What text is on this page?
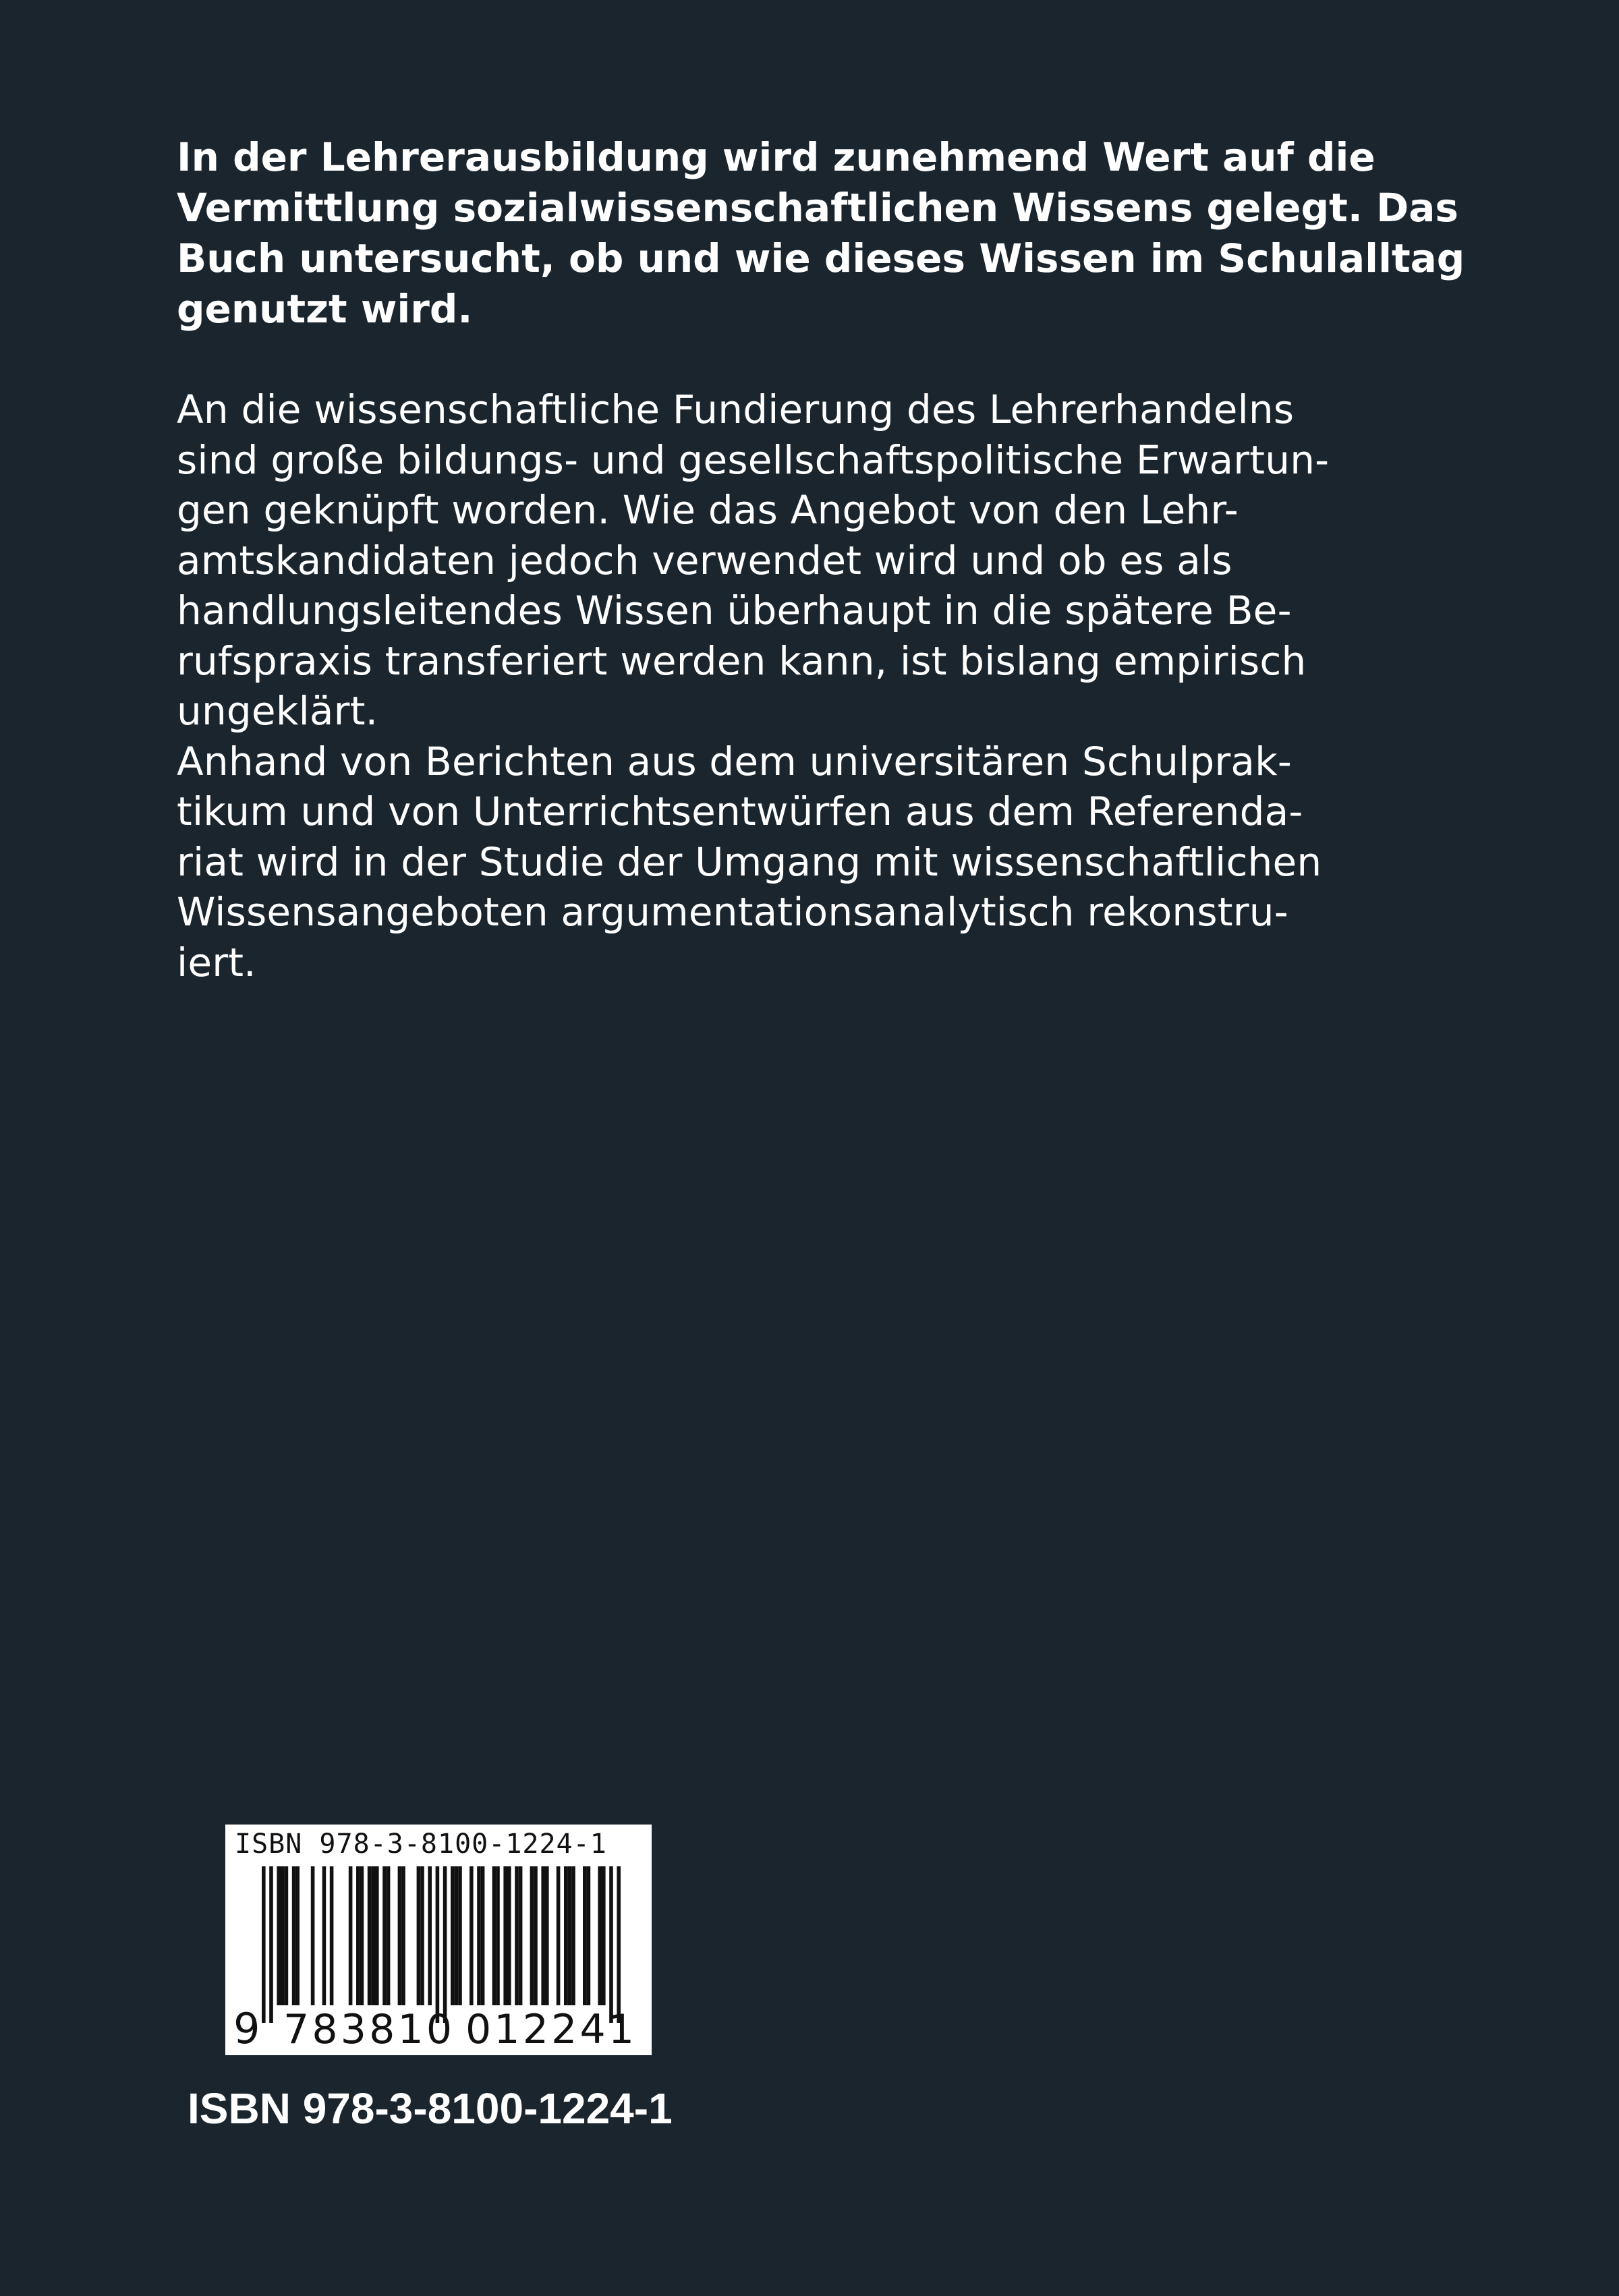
In der Lehrerausbildung wird zunehmend Wert auf die
Vermittlung sozialwissenschaftlichen Wissens gelegt. Das
Buch untersucht, ob und wie dieses Wissen im Schulalltag
genutzt wird.
An die wissenschaftliche Fundierung des Lehrerhandelns
sind große bildungs- und gesellschaftspolitische Erwartun-
gen geknüpft worden. Wie das Angebot von den Lehr-
amtskandidaten jedoch verwendet wird und ob es als
handlungsleitendes Wissen überhaupt in die spätere Be-
rufspraxis transferiert werden kann, ist bislang empirisch
ungeklärt.
Anhand von Berichten aus dem universitären Schulprak-
tikum und von Unterrichtsentwürfen aus dem Referenda-
riat wird in der Studie der Umgang mit wissenschaftlichen
Wissensangeboten argumentationsanalytisch rekonstru-
iert.
ISBN 978-3-8100-1224-1
9 783810 012241
ISBN 978-3-8100-1224-1
